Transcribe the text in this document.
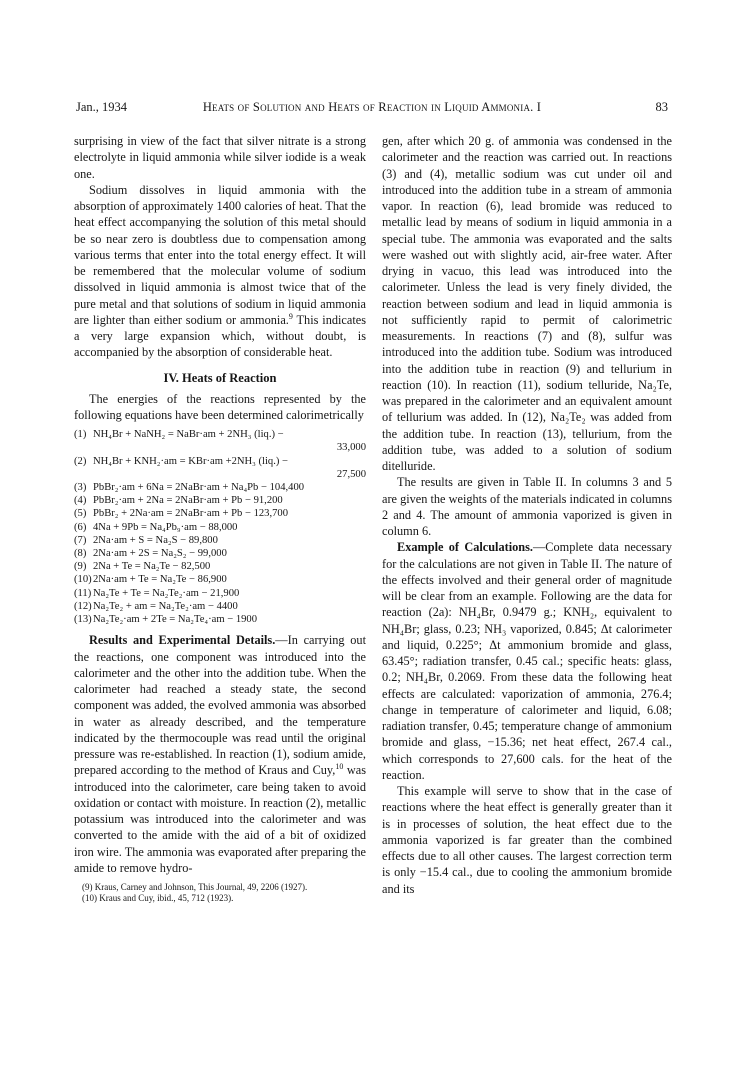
Jan., 1934	Heats of Solution and Heats of Reaction in Liquid Ammonia. I	83

surprising in view of the fact that silver nitrate is a strong electrolyte in liquid ammonia while silver iodide is a weak one.

Sodium dissolves in liquid ammonia with the absorption of approximately 1400 calories of heat. That the heat effect accompanying the solution of this metal should be so near zero is doubtless due to compensation among various terms that enter into the total energy effect. It will be remembered that the molecular volume of sodium dissolved in liquid ammonia is almost twice that of the pure metal and that solutions of sodium in liquid ammonia are lighter than either sodium or ammonia.$^9$ This indicates a very large expansion which, without doubt, is accompanied by the absorption of considerable heat.

IV. Heats of Reaction

The energies of the reactions represented by the following equations have been determined calorimetrically

(1) NH₄Br + NaNH₂ = NaBr·am + 2NH₃ (liq.) −
33,000
(2) NH₄Br + KNH₂·am = KBr·am +2NH₃ (liq.) −
27,500
(3) PbBr₂·am + 6Na = 2NaBr·am + Na₄Pb − 104,400
(4) PbBr₂·am + 2Na = 2NaBr·am + Pb − 91,200
(5) PbBr₂ + 2Na·am = 2NaBr·am + Pb − 123,700
(6) 4Na + 9Pb = Na₄Pb₉·am − 88,000
(7) 2Na·am + S = Na₂S − 89,800
(8) 2Na·am + 2S = Na₂S₂ − 99,000
(9) 2Na + Te = Na₂Te − 82,500
(10) 2Na·am + Te = Na₂Te − 86,900
(11) Na₂Te + Te = Na₂Te₂·am − 21,900
(12) Na₂Te₂ + am = Na₂Te₂·am − 4400
(13) Na₂Te₂·am + 2Te = Na₂Te₄·am − 1900

Results and Experimental Details.—In carrying out the reactions, one component was introduced into the calorimeter and the other into the addition tube. When the calorimeter had reached a steady state, the second component was added, the evolved ammonia was absorbed in water as already described, and the temperature indicated by the thermocouple was read until the original pressure was re-established. In reaction (1), sodium amide, prepared according to the method of Kraus and Cuy,$^{10}$ was introduced into the calorimeter, care being taken to avoid oxidation or contact with moisture. In reaction (2), metallic potassium was introduced into the calorimeter and was converted to the amide with the aid of a bit of oxidized iron wire. The ammonia was evaporated after preparing the amide to remove hydro-

(9) Kraus, Carney and Johnson, This Journal, 49, 2206 (1927).
(10) Kraus and Cuy, ibid., 45, 712 (1923).

gen, after which 20 g. of ammonia was condensed in the calorimeter and the reaction was carried out. In reactions (3) and (4), metallic sodium was cut under oil and introduced into the addition tube in a stream of ammonia vapor. In reaction (6), lead bromide was reduced to metallic lead by means of sodium in liquid ammonia in a special tube. The ammonia was evaporated and the salts were washed out with slightly acid, air-free water. After drying in vacuo, this lead was introduced into the calorimeter. Unless the lead is very finely divided, the reaction between sodium and lead in liquid ammonia is not sufficiently rapid to permit of calorimetric measurements. In reactions (7) and (8), sulfur was introduced into the addition tube. Sodium was introduced into the addition tube in reaction (9) and tellurium in reaction (10). In reaction (11), sodium telluride, Na₂Te, was prepared in the calorimeter and an equivalent amount of tellurium was added. In (12), Na₂Te₂ was added from the addition tube. In reaction (13), tellurium, from the addition tube, was added to a solution of sodium ditelluride.

The results are given in Table II. In columns 3 and 5 are given the weights of the materials indicated in columns 2 and 4. The amount of ammonia vaporized is given in column 6.

Example of Calculations.—Complete data necessary for the calculations are not given in Table II. The nature of the effects involved and their general order of magnitude will be clear from an example. Following are the data for reaction (2a): NH₄Br, 0.9479 g.; KNH₂, equivalent to NH₄Br; glass, 0.23; NH₃ vaporized, 0.845; Δt calorimeter and liquid, 0.225°; Δt ammonium bromide and glass, 63.45°; radiation transfer, 0.45 cal.; specific heats: glass, 0.2; NH₄Br, 0.2069. From these data the following heat effects are calculated: vaporization of ammonia, 276.4; change in temperature of calorimeter and liquid, 6.08; radiation transfer, 0.45; temperature change of ammonium bromide and glass, −15.36; net heat effect, 267.4 cal., which corresponds to 27,600 cals. for the heat of the reaction.

This example will serve to show that in the case of reactions where the heat effect is generally greater than it is in processes of solution, the heat effect due to the ammonia vaporized is far greater than the combined effects due to all other causes. The largest correction term is only −15.4 cal., due to cooling the ammonium bromide and its
